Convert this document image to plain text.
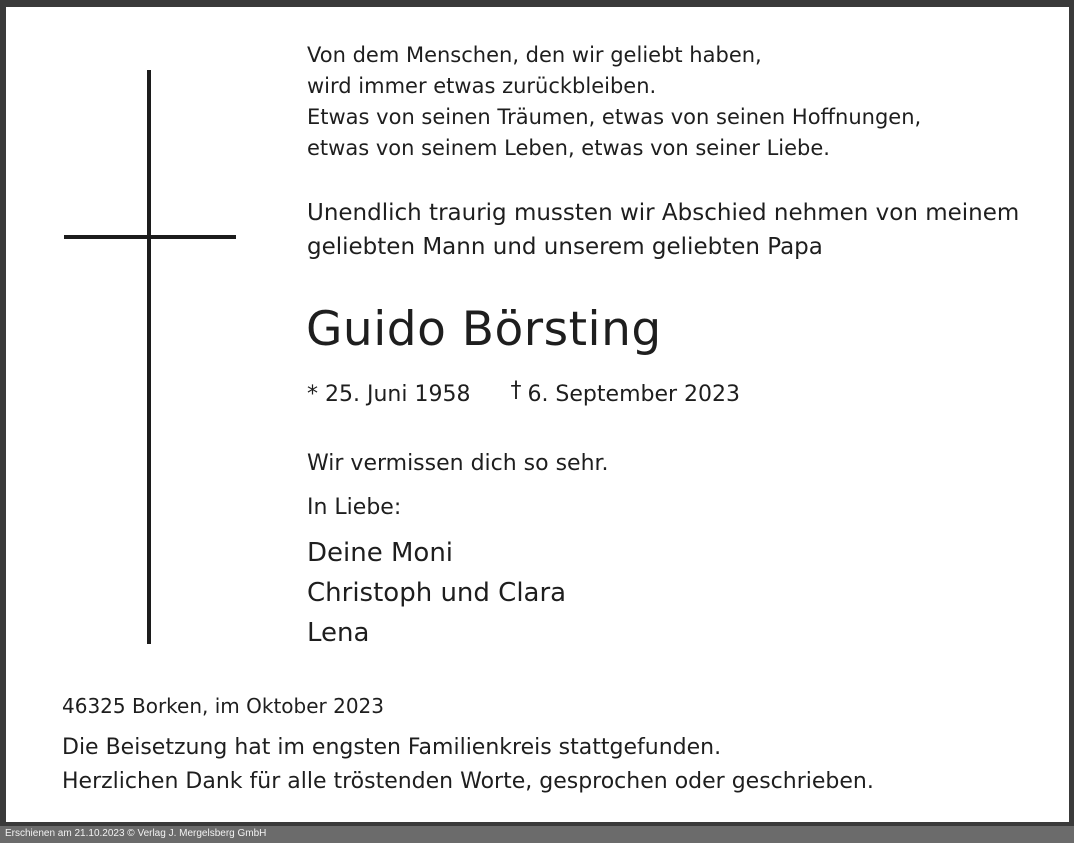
Von dem Menschen, den wir geliebt haben,
wird immer etwas zurückbleiben.
Etwas von seinen Träumen, etwas von seinen Hoffnungen,
etwas von seinem Leben, etwas von seiner Liebe.
Unendlich traurig mussten wir Abschied nehmen von meinem
geliebten Mann und unserem geliebten Papa
Guido Börsting
* 25. Juni 1958 † 6. September 2023
Wir vermissen dich so sehr.
In Liebe:
Deine Moni
Christoph und Clara
Lena
46325 Borken, im Oktober 2023
Die Beisetzung hat im engsten Familienkreis stattgefunden.
Herzlichen Dank für alle tröstenden Worte, gesprochen oder geschrieben.
Erschienen am 21.10.2023 © Verlag J. Mergelsberg GmbH
